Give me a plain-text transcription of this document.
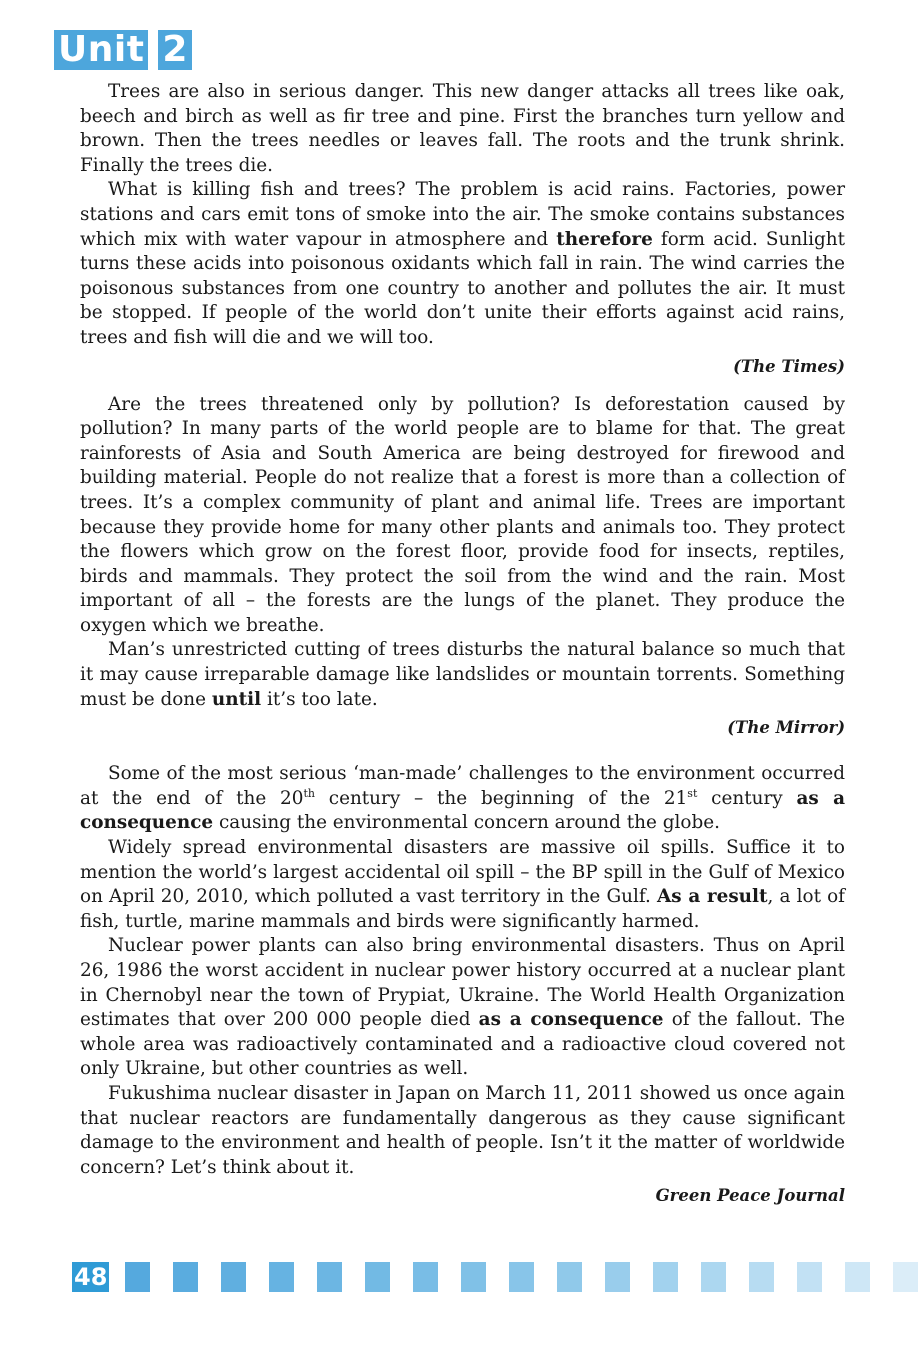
Unit 2

Trees are also in serious danger. This new danger attacks all trees like oak, beech and birch as well as fir tree and pine. First the branches turn yellow and brown. Then the trees needles or leaves fall. The roots and the trunk shrink. Finally the trees die.

What is killing fish and trees? The problem is acid rains. Factories, power stations and cars emit tons of smoke into the air. The smoke contains substances which mix with water vapour in atmosphere and therefore form acid. Sunlight turns these acids into poisonous oxidants which fall in rain. The wind carries the poisonous substances from one country to another and pollutes the air. It must be stopped. If people of the world don’t unite their efforts against acid rains, trees and fish will die and we will too.

(The Times)

Are the trees threatened only by pollution? Is deforestation caused by pollution? In many parts of the world people are to blame for that. The great rainforests of Asia and South America are being destroyed for firewood and building material. People do not realize that a forest is more than a collection of trees. It’s a complex community of plant and animal life. Trees are important because they provide home for many other plants and animals too. They protect the flowers which grow on the forest floor, provide food for insects, reptiles, birds and mammals. They protect the soil from the wind and the rain. Most important of all – the forests are the lungs of the planet. They produce the oxygen which we breathe.

Man’s unrestricted cutting of trees disturbs the natural balance so much that it may cause irreparable damage like landslides or mountain torrents. Something must be done until it’s too late.

(The Mirror)

Some of the most serious ‘man-made’ challenges to the environment occurred at the end of the 20th century – the beginning of the 21st century as a consequence causing the environmental concern around the globe.

Widely spread environmental disasters are massive oil spills. Suffice it to mention the world’s largest accidental oil spill – the BP spill in the Gulf of Mexico on April 20, 2010, which polluted a vast territory in the Gulf. As a result, a lot of fish, turtle, marine mammals and birds were significantly harmed.

Nuclear power plants can also bring environmental disasters. Thus on April 26, 1986 the worst accident in nuclear power history occurred at a nuclear plant in Chernobyl near the town of Prypiat, Ukraine. The World Health Organization estimates that over 200 000 people died as a consequence of the fallout. The whole area was radioactively contaminated and a radioactive cloud covered not only Ukraine, but other countries as well.

Fukushima nuclear disaster in Japan on March 11, 2011 showed us once again that nuclear reactors are fundamentally dangerous as they cause significant damage to the environment and health of people. Isn’t it the matter of worldwide concern? Let’s think about it.

Green Peace Journal
48
